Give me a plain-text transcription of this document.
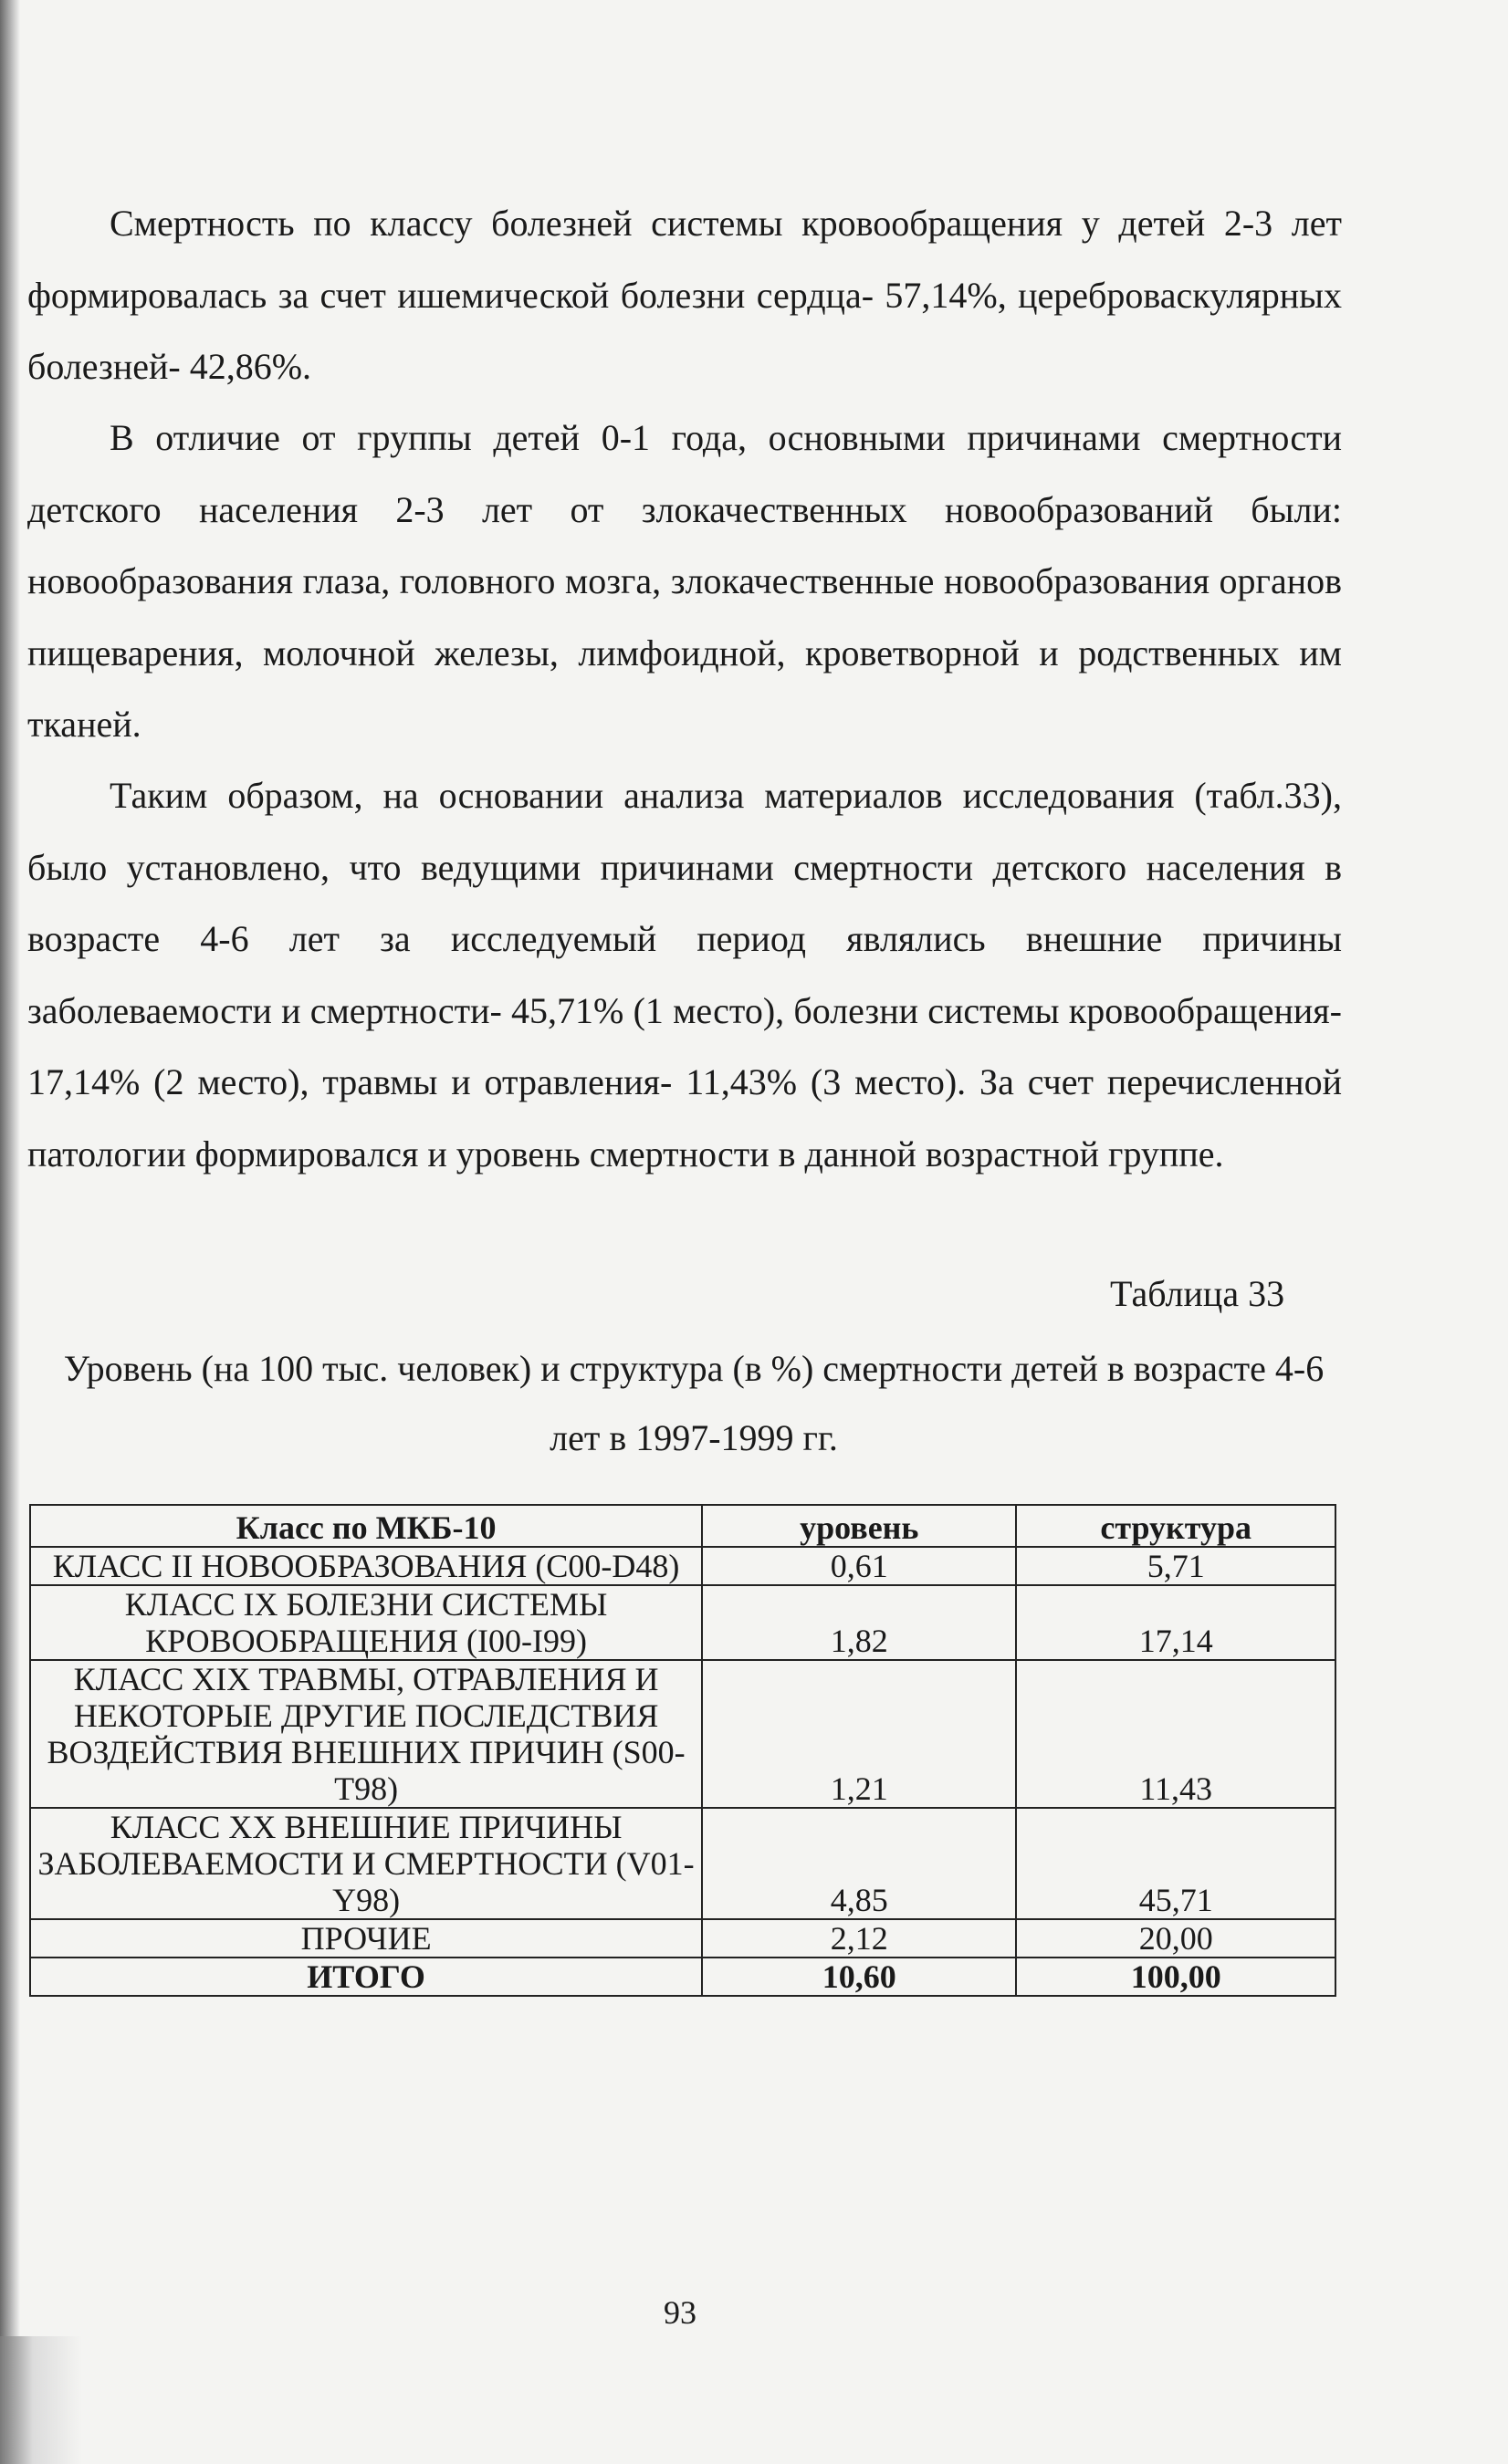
Смертность по классу болезней системы кровообращения у детей 2-3 лет формировалась за счет ишемической болезни сердца- 57,14%, цереброваскулярных болезней- 42,86%.

В отличие от группы детей 0-1 года, основными причинами смертности детского населения 2-3 лет от злокачественных новообразований были: новообразования глаза, головного мозга, злокачественные новообразования органов пищеварения, молочной железы, лимфоидной, кроветворной и родственных им тканей.

Таким образом, на основании анализа материалов исследования (табл.33), было установлено, что ведущими причинами смертности детского населения в возрасте 4-6 лет за исследуемый период являлись внешние причины заболеваемости и смертности- 45,71% (1 место), болезни системы кровообращения- 17,14% (2 место), травмы и отравления- 11,43% (3 место). За счет перечисленной патологии формировался и уровень смертности в данной возрастной группе.

Таблица 33

Уровень (на 100 тыс. человек) и структура (в %) смертности детей в возрасте 4-6 лет в 1997-1999 гг.

Класс по МКБ-10	уровень	структура
КЛАСС II НОВООБРАЗОВАНИЯ (С00-D48)	0,61	5,71
КЛАСС IX БОЛЕЗНИ СИСТЕМЫ КРОВООБРАЩЕНИЯ (I00-I99)	1,82	17,14
КЛАСС XIX ТРАВМЫ, ОТРАВЛЕНИЯ И НЕКОТОРЫЕ ДРУГИЕ ПОСЛЕДСТВИЯ ВОЗДЕЙСТВИЯ ВНЕШНИХ ПРИЧИН (S00-T98)	1,21	11,43
КЛАСС XX ВНЕШНИЕ ПРИЧИНЫ ЗАБОЛЕВАЕМОСТИ И СМЕРТНОСТИ (V01-Y98)	4,85	45,71
ПРОЧИЕ	2,12	20,00
ИТОГО	10,60	100,00

93
